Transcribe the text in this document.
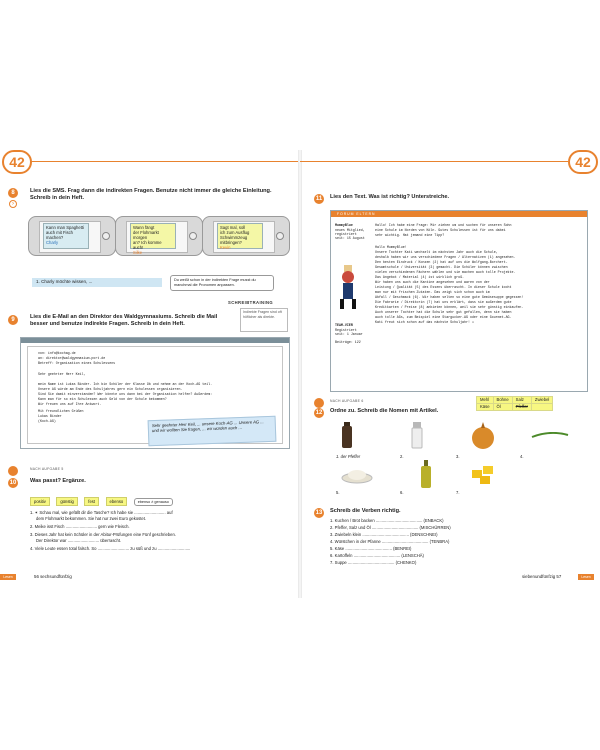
42
8
›
Lies die SMS. Frag dann die indirekten Fragen. Benutze nicht immer die gleiche Einleitung. Schreib in dein Heft.
Kann man Spaghetti
auch mit Fisch
machen?
Charly
Wann fängt
der Flohmarkt morgen
an? Ich komme auch!
Silke
Sagt mal, soll
ich zum Ausflug
Schwimmzeug mitbringen?
Kevin
1. Charly möchte wissen, ...	Du weißt schon in der indirekten Frage musst du manchmal die Pronomen anpassen.
SCHREIBTRAINING
9	Lies die E-Mail an den Direktor des Waldgymnasiums. Schreib die Mail besser und benutze indirekte Fragen. Schreib in dein Heft.
Indirekte Fragen sind oft höflicher als direkte.
von: info@kochag.de
an: direktor@waldgymnasium.port.de
Betreff: Organisation eines Schulessens
Sehr geehrter Herr Keil,
mein Name ist Lukas Binder. Ich bin Schüler der Klasse 9b und nehme an der Koch-AG teil.
Unsere AG würde am Ende des Schuljahres gern ein Schulessen organisieren.
Sind Sie damit einverstanden? Wer könnte uns dann bei der Organisation helfen? Außerdem:
Kann man für so ein Schulessen auch Geld von der Schule bekommen?
Wir freuen uns auf Ihre Antwort.
Mit freundlichen Grüßen
Lukas Binder
(Koch-AG)	Sehr geehrter Herr Keil, ... unsere Koch-AG ... Unsere AG ... und wir wollten Sie fragen, ... wir würden auch ...
NACH AUFGABE 5
10 Was passt? Ergänze.
positiv	günstig	fest	ebenso	ebenso ≠ genauso
1. ✶ Schau mal, wie gefällt dir die Tasche? Ich habe sie ........................... auf
dem Flohmarkt bekommen. Sie hat nur zwei Euro gekostet.
2. Meike isst Fisch ........................... gern wie Fleisch.
3. Dieses Jahr hat kein Schüler in der Abitur-Prüfungen eine Fünf geschrieben.
Der Direktor war ........................... überrascht.
4. Viele Leute essen total falsch. So ........................... zu süß und zu ............................
Lesen	56 sechsundfünfzig
42
11	Lies den Text. Was ist richtig? Unterstreiche.
FORUM ELTERN
MummyBlue
neues Mitglied,
registriert
seit: 15 August
TEAM-VIER
Registriert
seit: 1 Januar
Beiträge: 122
Hallo! Ich habe eine Frage: Mir ziehen um und suchen für unseren Sohn
eine Schule im Norden von Köln. Gutes Schulessen ist für uns dabei
sehr wichtig. Hat jemand eine Tipp?
Hallo MummyBlue!
Unsere Tochter Kati wechselt im nächsten Jahr auch die Schule,
deshalb haben wir uns verschiedene Fragen / Alternativen (1) angesehen.
Den besten Eindruck / Konzen (2) hat auf uns die Wolfgang-Borchert-
Gesamtschule / Universität (3) gemacht. Die Schüler können zwischen
vielen verschiedenen Fächern wählen und sie machen auch tolle Projekte.
Das Angebot / Material (4) ist wirklich groß.
Wir haben uns auch die Kantine angesehen und waren von der
Leistung / Qualität (5) des Essens überrascht. In dieser Schule kocht
man nur mit frischen Zutaten. Das zeigt sich schon auch im
Abfall / Geschmack (6). Wir haben selten so eine gute Gemüsesuppe gegessen!
Die Fabrarie / Direktorin (7) hat uns erklärt, dass sie außerdem gute
Kreditkarten / Preise (8) anbieten können, weil sie sehr günstig einkaufen.
Auch unserer Tochter hat die Schule sehr gut gefallen, denn sie haben
auch tolle AGs, zum Beispiel eine Stargucker-AG oder eine Gourmet-AG.
Kati freut sich schon auf das nächste Schuljahr! ☺
NACH AUFGABE 6
12 Ordne zu. Schreib die Nomen mit Artikel.
Mehl	Bohne	Salz	Zwiebel
Käse	Öl	Pfeffer	
1. der Pfeffer	2.	3.	4.
5.	6.	7.
13 Schreib die Verben richtig.
1. Kuchen / Brot backen ........................................ (ENBACK)
2. Pfeffer, Salz und Öl ........................................ (MISCHÜRREN)
3. Zwiebeln klein ........................................ (DENSCHNEI)
4. Würstchen in der Pfanne ........................................ (TENBRA)
5. Käse ........................................ (BENREI)
6. Kartoffeln ........................................ (LENSCHÄ)
7. Suppe ........................................ (CHENKO)
siebenundfünfzig 57	Lesen
